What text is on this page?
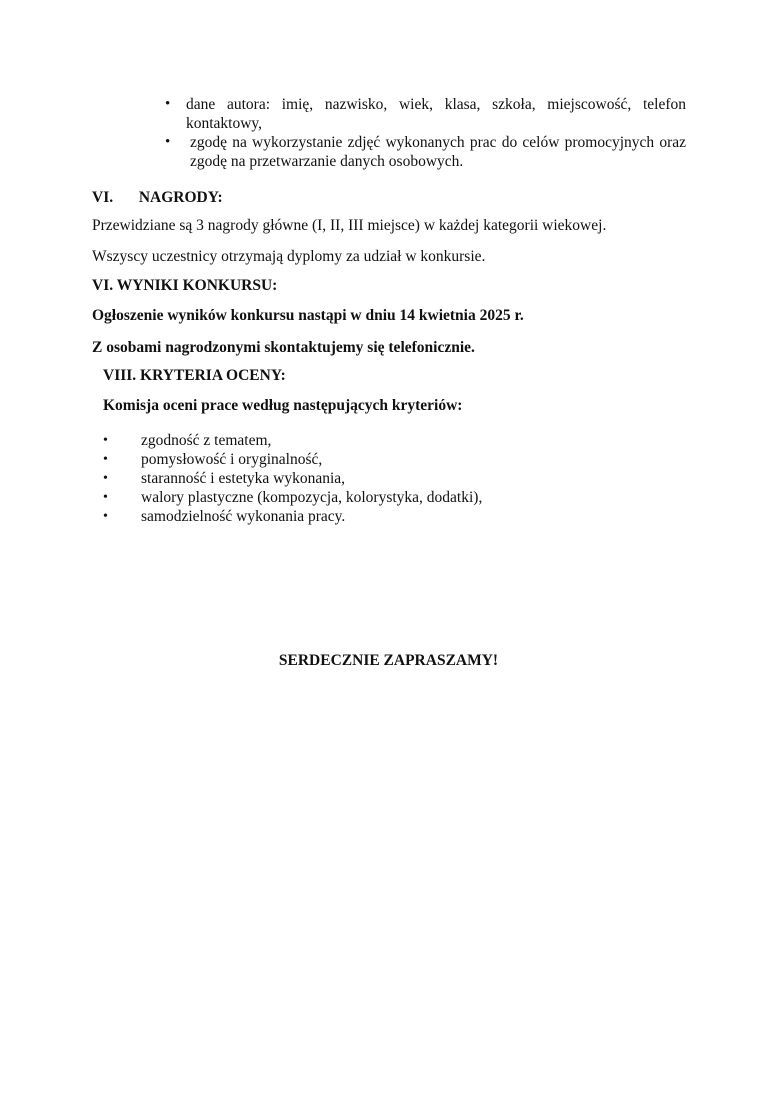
•	dane autora: imię, nazwisko, wiek, klasa, szkoła, miejscowość, telefon
kontaktowy,
•	zgodę na wykorzystanie zdjęć wykonanych prac do celów promocyjnych oraz
zgodę na przetwarzanie danych osobowych.
VI. NAGRODY:
Przewidziane są 3 nagrody główne (I, II, III miejsce) w każdej kategorii wiekowej.
Wszyscy uczestnicy otrzymają dyplomy za udział w konkursie.
VI. WYNIKI KONKURSU:
Ogłoszenie wyników konkursu nastąpi w dniu 14 kwietnia 2025 r.
Z osobami nagrodzonymi skontaktujemy się telefonicznie.
VIII. KRYTERIA OCENY:
Komisja oceni prace według następujących kryteriów:
• zgodność z tematem,
• pomysłowość i oryginalność,
• staranność i estetyka wykonania,
• walory plastyczne (kompozycja, kolorystyka, dodatki),
• samodzielność wykonania pracy.
SERDECZNIE ZAPRASZAMY!
